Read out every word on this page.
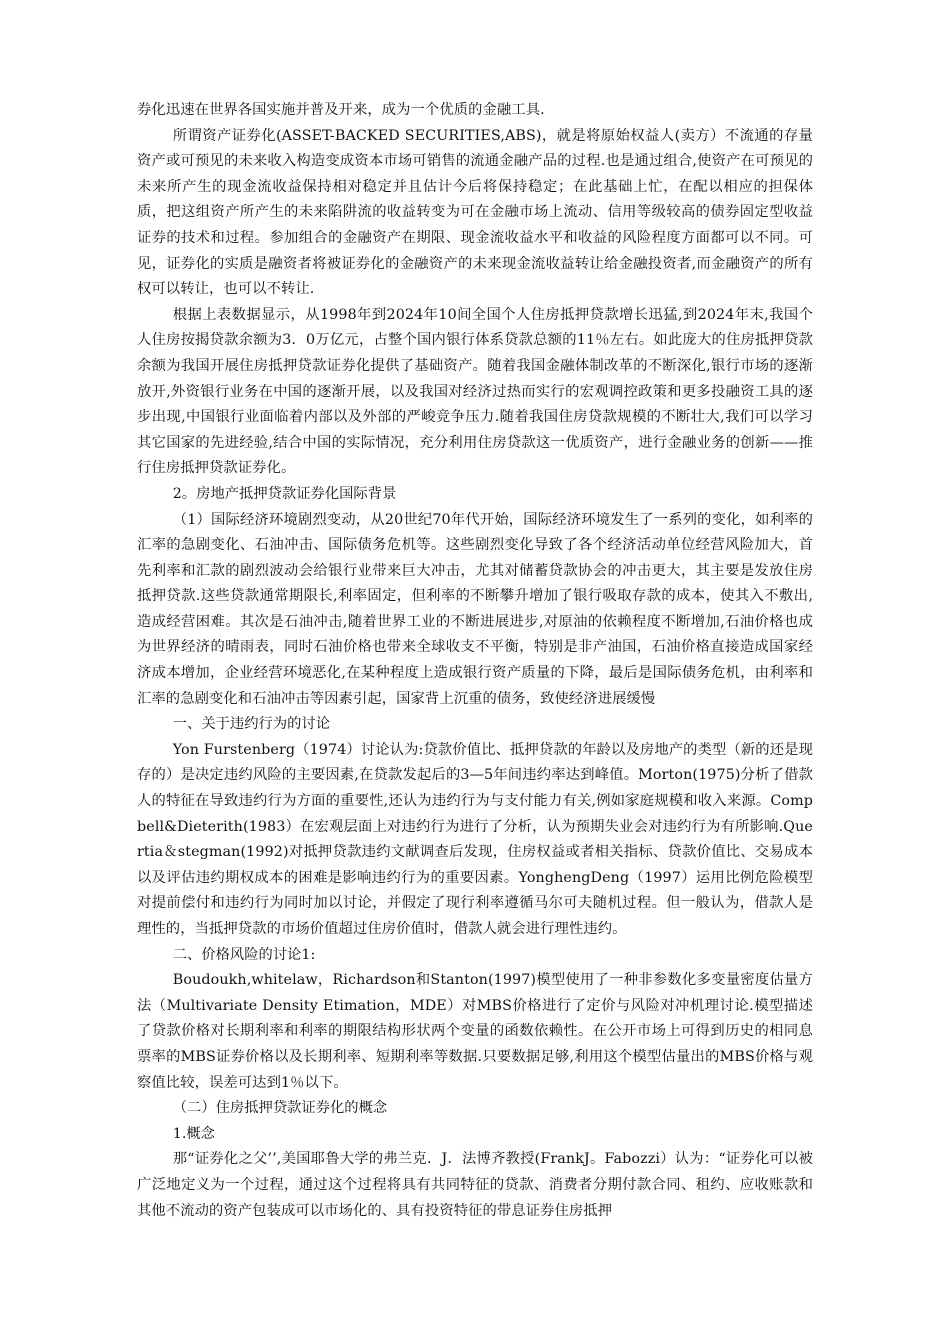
券化迅速在世界各国实施并普及开来，成为一个优质的金融工具.

所谓资产证券化(ASSET-BACKED SECURITIES,ABS)，就是将原始权益人(卖方）不流通的存量资产或可预见的未来收入构造变成资本市场可销售的流通金融产品的过程.也是通过组合,使资产在可预见的未来所产生的现金流收益保持相对稳定并且估计今后将保持稳定；在此基础上忙，在配以相应的担保体质，把这组资产所产生的未来陷阱流的收益转变为可在金融市场上流动、信用等级较高的债券固定型收益证券的技术和过程。参加组合的金融资产在期限、现金流收益水平和收益的风险程度方面都可以不同。可见，证券化的实质是融资者将被证券化的金融资产的未来现金流收益转让给金融投资者,而金融资产的所有权可以转让，也可以不转让.

根据上表数据显示，从1998年到2024年10间全国个人住房抵押贷款增长迅猛,到2024年末,我国个人住房按揭贷款余额为3．0万亿元，占整个国内银行体系贷款总额的11％左右。如此庞大的住房抵押贷款余额为我国开展住房抵押贷款证券化提供了基础资产。随着我国金融体制改革的不断深化,银行市场的逐渐放开,外资银行业务在中国的逐渐开展，以及我国对经济过热而实行的宏观调控政策和更多投融资工具的逐步出现,中国银行业面临着内部以及外部的严峻竞争压力.随着我国住房贷款规模的不断壮大,我们可以学习其它国家的先进经验,结合中国的实际情况，充分利用住房贷款这一优质资产，进行金融业务的创新——推行住房抵押贷款证券化。

2。房地产抵押贷款证券化国际背景

（1）国际经济环境剧烈变动，从20世纪70年代开始，国际经济环境发生了一系列的变化，如利率的汇率的急剧变化、石油冲击、国际债务危机等。这些剧烈变化导致了各个经济活动单位经营风险加大，首先利率和汇款的剧烈波动会给银行业带来巨大冲击，尤其对储蓄贷款协会的冲击更大，其主要是发放住房抵押贷款.这些贷款通常期限长,利率固定，但利率的不断攀升增加了银行吸取存款的成本，使其入不敷出,造成经营困难。其次是石油冲击,随着世界工业的不断进展进步,对原油的依赖程度不断增加,石油价格也成为世界经济的晴雨表，同时石油价格也带来全球收支不平衡，特别是非产油国，石油价格直接造成国家经济成本增加，企业经营环境恶化,在某种程度上造成银行资产质量的下降，最后是国际债务危机，由利率和汇率的急剧变化和石油冲击等因素引起，国家背上沉重的债务，致使经济进展缓慢

一、关于违约行为的讨论

Yon Furstenberg（1974）讨论认为:贷款价值比、抵押贷款的年龄以及房地产的类型（新的还是现存的）是决定违约风险的主要因素,在贷款发起后的3—5年间违约率达到峰值。Morton(1975)分析了借款人的特征在导致违约行为方面的重要性,还认为违约行为与支付能力有关,例如家庭规模和收入来源。Compbell&Dieterith(1983）在宏观层面上对违约行为进行了分析，认为预期失业会对违约行为有所影响.Quertia＆stegman(1992)对抵押贷款违约文献调查后发现，住房权益或者相关指标、贷款价值比、交易成本以及评估违约期权成本的困难是影响违约行为的重要因素。YonghengDeng（1997）运用比例危险模型对提前偿付和违约行为同时加以讨论，并假定了现行利率遵循马尔可夫随机过程。但一般认为，借款人是理性的，当抵押贷款的市场价值超过住房价值时，借款人就会进行理性违约。

二、价格风险的讨论1:

Boudoukh,whitelaw，Richardson和Stanton(1997)模型使用了一种非参数化多变量密度估量方法（Multivariate Density Etimation，MDE）对MBS价格进行了定价与风险对冲机理讨论.模型描述了贷款价格对长期利率和利率的期限结构形状两个变量的函数依赖性。在公开市场上可得到历史的相同息票率的MBS证券价格以及长期利率、短期利率等数据.只要数据足够,利用这个模型估量出的MBS价格与观察值比较，误差可达到1％以下。

（二）住房抵押贷款证券化的概念

1.概念

那“证券化之父’’,美国耶鲁大学的弗兰克．J．法博齐教授(FrankJ。Fabozzi）认为：“证券化可以被广泛地定义为一个过程，通过这个过程将具有共同特征的贷款、消费者分期付款合同、租约、应收账款和其他不流动的资产包装成可以市场化的、具有投资特征的带息证券住房抵押
